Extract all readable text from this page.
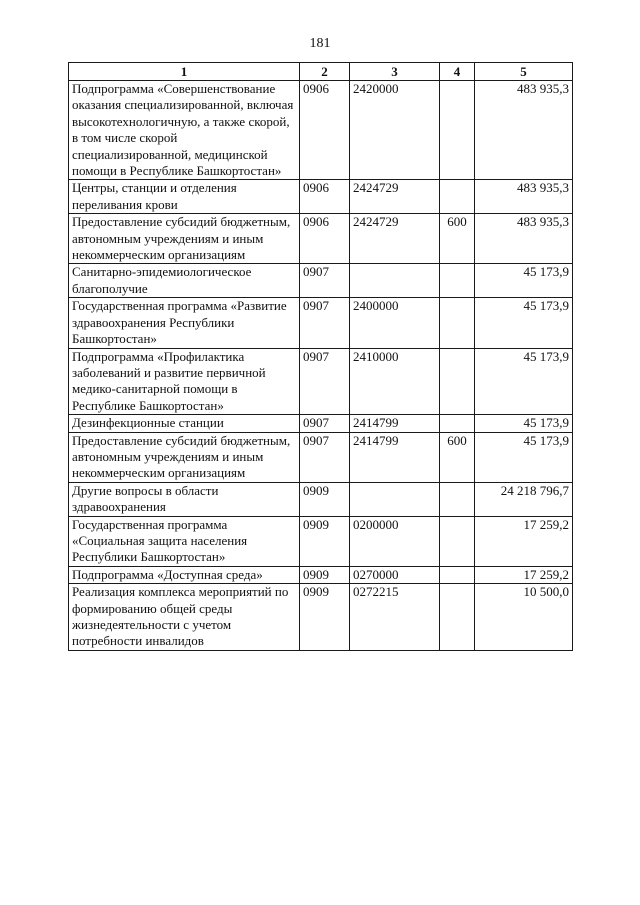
181
1	2	3	4	5
Подпрограмма «Совершенствование оказания специализированной, включая высокотехнологичную, а также скорой, в том числе скорой специализированной, медицинской помощи в Республике Башкортостан»	0906	2420000		483 935,3
Центры, станции и отделения переливания крови	0906	2424729		483 935,3
Предоставление субсидий бюджетным, автономным учреждениям и иным некоммерческим организациям	0906	2424729	600	483 935,3
Санитарно-эпидемиологическое благополучие	0907			45 173,9
Государственная программа «Развитие здравоохранения Республики Башкортостан»	0907	2400000		45 173,9
Подпрограмма «Профилактика заболеваний и развитие первичной медико-санитарной помощи в Республике Башкортостан»	0907	2410000		45 173,9
Дезинфекционные станции	0907	2414799		45 173,9
Предоставление субсидий бюджетным, автономным учреждениям и иным некоммерческим организациям	0907	2414799	600	45 173,9
Другие вопросы в области здравоохранения	0909			24 218 796,7
Государственная программа «Социальная защита населения Республики Башкортостан»	0909	0200000		17 259,2
Подпрограмма «Доступная среда»	0909	0270000		17 259,2
Реализация комплекса мероприятий по формированию общей среды жизнедеятельности с учетом потребности инвалидов	0909	0272215		10 500,0
